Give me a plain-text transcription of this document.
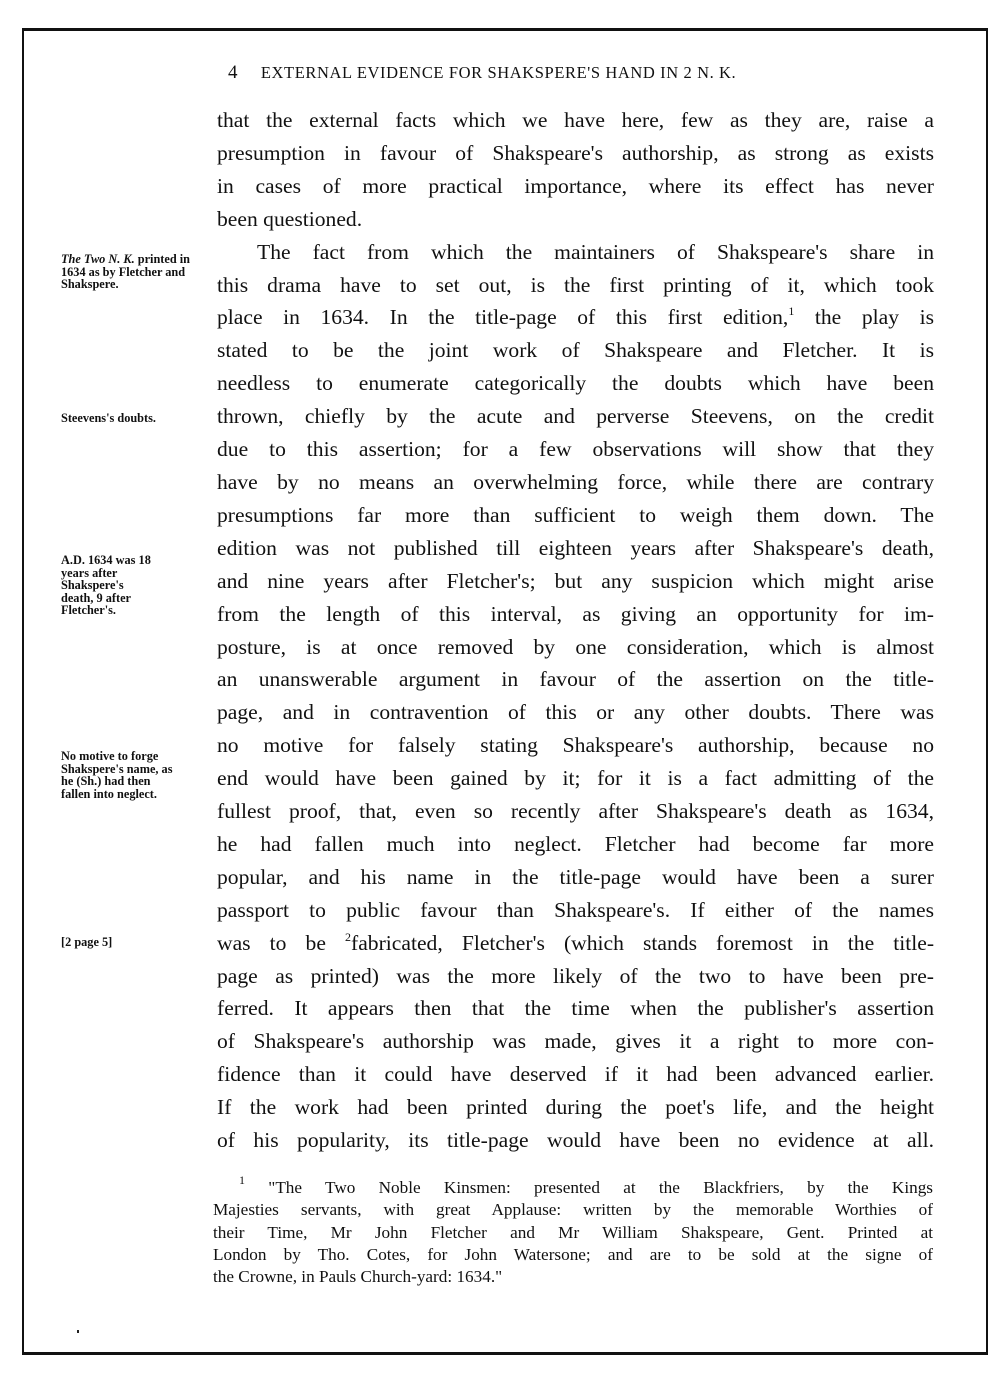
4 EXTERNAL EVIDENCE FOR SHAKSPERE'S HAND IN 2 N. K.
that the external facts which we have here, few as they are, raise a
presumption in favour of Shakspeare's authorship, as strong as exists
in cases of more practical importance, where its effect has never
been questioned.
The fact from which the maintainers of Shakspeare's share in
this drama have to set out, is the first printing of it, which took
place in 1634. In the title-page of this first edition,$^1$ the play is
stated to be the joint work of Shakspeare and Fletcher. It is
needless to enumerate categorically the doubts which have been
thrown, chiefly by the acute and perverse Steevens, on the credit
due to this assertion; for a few observations will show that they
have by no means an overwhelming force, while there are contrary
presumptions far more than sufficient to weigh them down. The
edition was not published till eighteen years after Shakspeare's death,
and nine years after Fletcher's; but any suspicion which might arise
from the length of this interval, as giving an opportunity for im-
posture, is at once removed by one consideration, which is almost
an unanswerable argument in favour of the assertion on the title-
page, and in contravention of this or any other doubts. There was
no motive for falsely stating Shakspeare's authorship, because no
end would have been gained by it; for it is a fact admitting of the
fullest proof, that, even so recently after Shakspeare's death as 1634,
he had fallen much into neglect. Fletcher had become far more
popular, and his name in the title-page would have been a surer
passport to public favour than Shakspeare's. If either of the names
was to be $^2$fabricated, Fletcher's (which stands foremost in the title-
page as printed) was the more likely of the two to have been pre-
ferred. It appears then that the time when the publisher's assertion
of Shakspeare's authorship was made, gives it a right to more con-
fidence than it could have deserved if it had been advanced earlier.
If the work had been printed during the poet's life, and the height
of his popularity, its title-page would have been no evidence at all.
The Two N. K. printed in 1634 as by Fletcher and Shakspere.
Steevens's doubts.
A.D. 1634 was 18 years after Shakspere's death, 9 after Fletcher's.
No motive to forge Shakspere's name, as he (Sh.) had then fallen into neglect.
[2 page 5]
$^1$ "The Two Noble Kinsmen: presented at the Blackfriers, by the Kings
Majesties servants, with great Applause: written by the memorable Worthies of
their Time, Mr John Fletcher and Mr William Shakspeare, Gent. Printed at
London by Tho. Cotes, for John Watersone; and are to be sold at the signe of
the Crowne, in Pauls Church-yard: 1634."
